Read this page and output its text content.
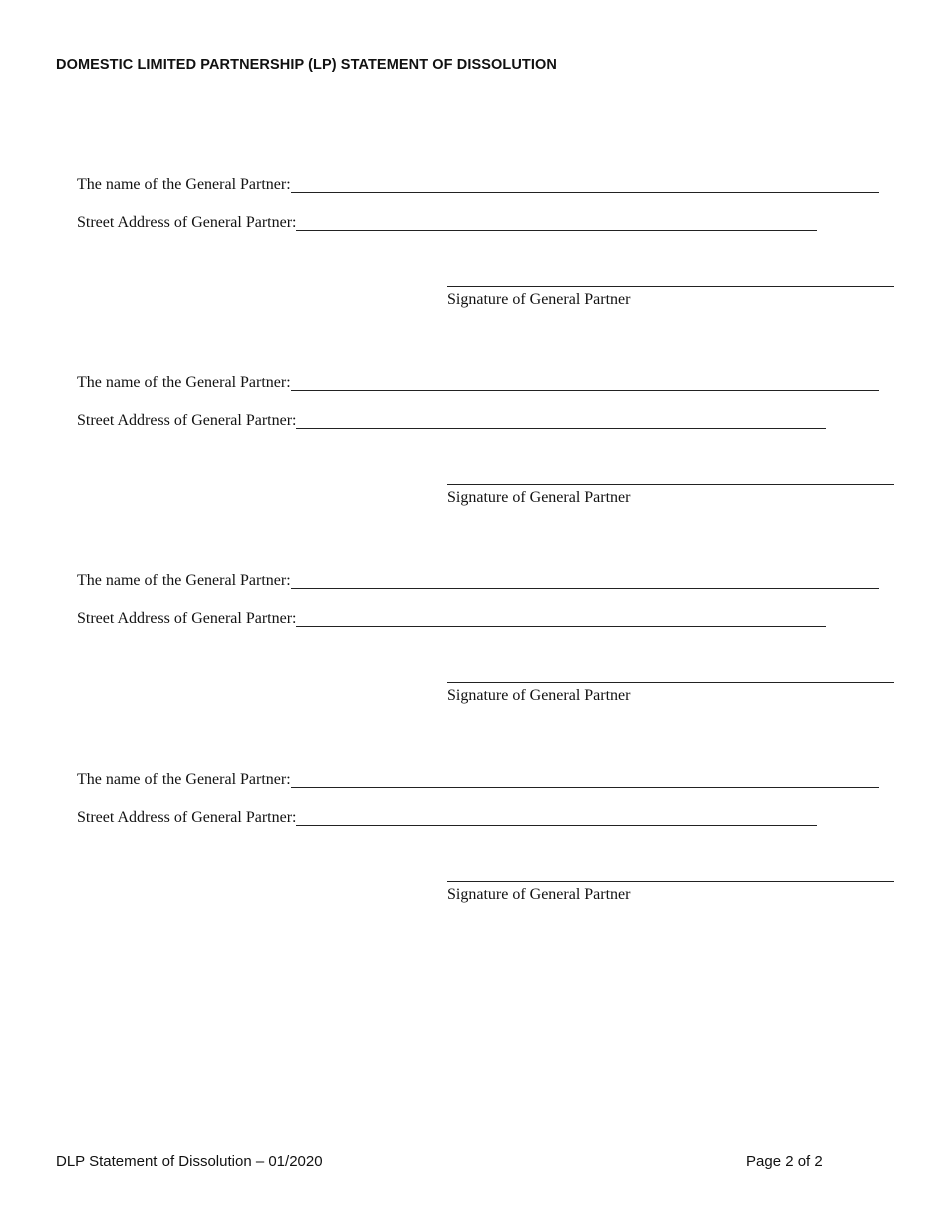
DOMESTIC LIMITED PARTNERSHIP (LP) STATEMENT OF DISSOLUTION
The name of the General Partner:
Street Address of General Partner:
Signature of General Partner
The name of the General Partner:
Street Address of General Partner:
Signature of General Partner
The name of the General Partner:
Street Address of General Partner:
Signature of General Partner
The name of the General Partner:
Street Address of General Partner:
Signature of General Partner
DLP Statement of Dissolution – 01/2020	Page 2 of 2
